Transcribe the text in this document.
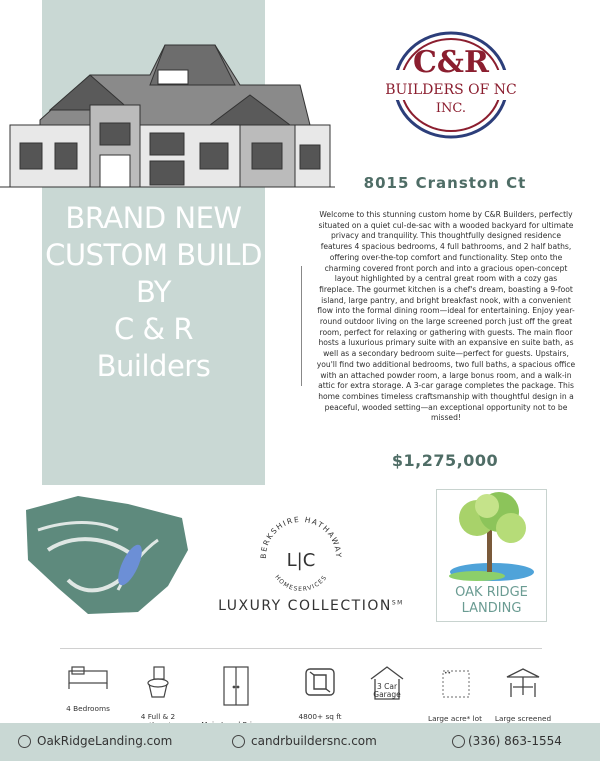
BRAND NEW
CUSTOM BUILD
BY
C & R
Builders
C&R
BUILDERS OF NC
INC.
8015 Cranston Ct
Welcome to this stunning custom home by C&R Builders, perfectly situated on a quiet cul-de-sac with a wooded backyard for ultimate privacy and tranquility. This thoughtfully designed residence features 4 spacious bedrooms, 4 full bathrooms, and 2 half baths, offering over-the-top comfort and functionality. Step onto the charming covered front porch and into a gracious open-concept layout highlighted by a central great room with a cozy gas fireplace. The gourmet kitchen is a chef's dream, boasting a 9-foot island, large pantry, and bright breakfast nook, with a convenient flow into the formal dining room—ideal for entertaining. Enjoy year-round outdoor living on the large screened porch just off the great room, perfect for relaxing or gathering with guests. The main floor hosts a luxurious primary suite with an expansive en suite bath, as well as a secondary bedroom suite—perfect for guests. Upstairs, you'll find two additional bedrooms, two full baths, a spacious office with an attached powder room, a large bonus room, and a walk-in attic for extra storage. A 3-car garage completes the package. This home combines timeless craftsmanship with thoughtful design in a peaceful, wooded setting—an exceptional opportunity not to be missed!
$1,275,000
BERKSHIRE HATHAWAY
HOMESERVICES
L|C
LUXURY COLLECTION℠
OAK RIDGE
LANDING

4 Bedrooms

4 Full & 2	4800+ sq ft

3 Car
Garage

••

Large acre* lot	Large screened

OakRidgeLanding.com	candrbuildersnc.com	(336) 863-1554
